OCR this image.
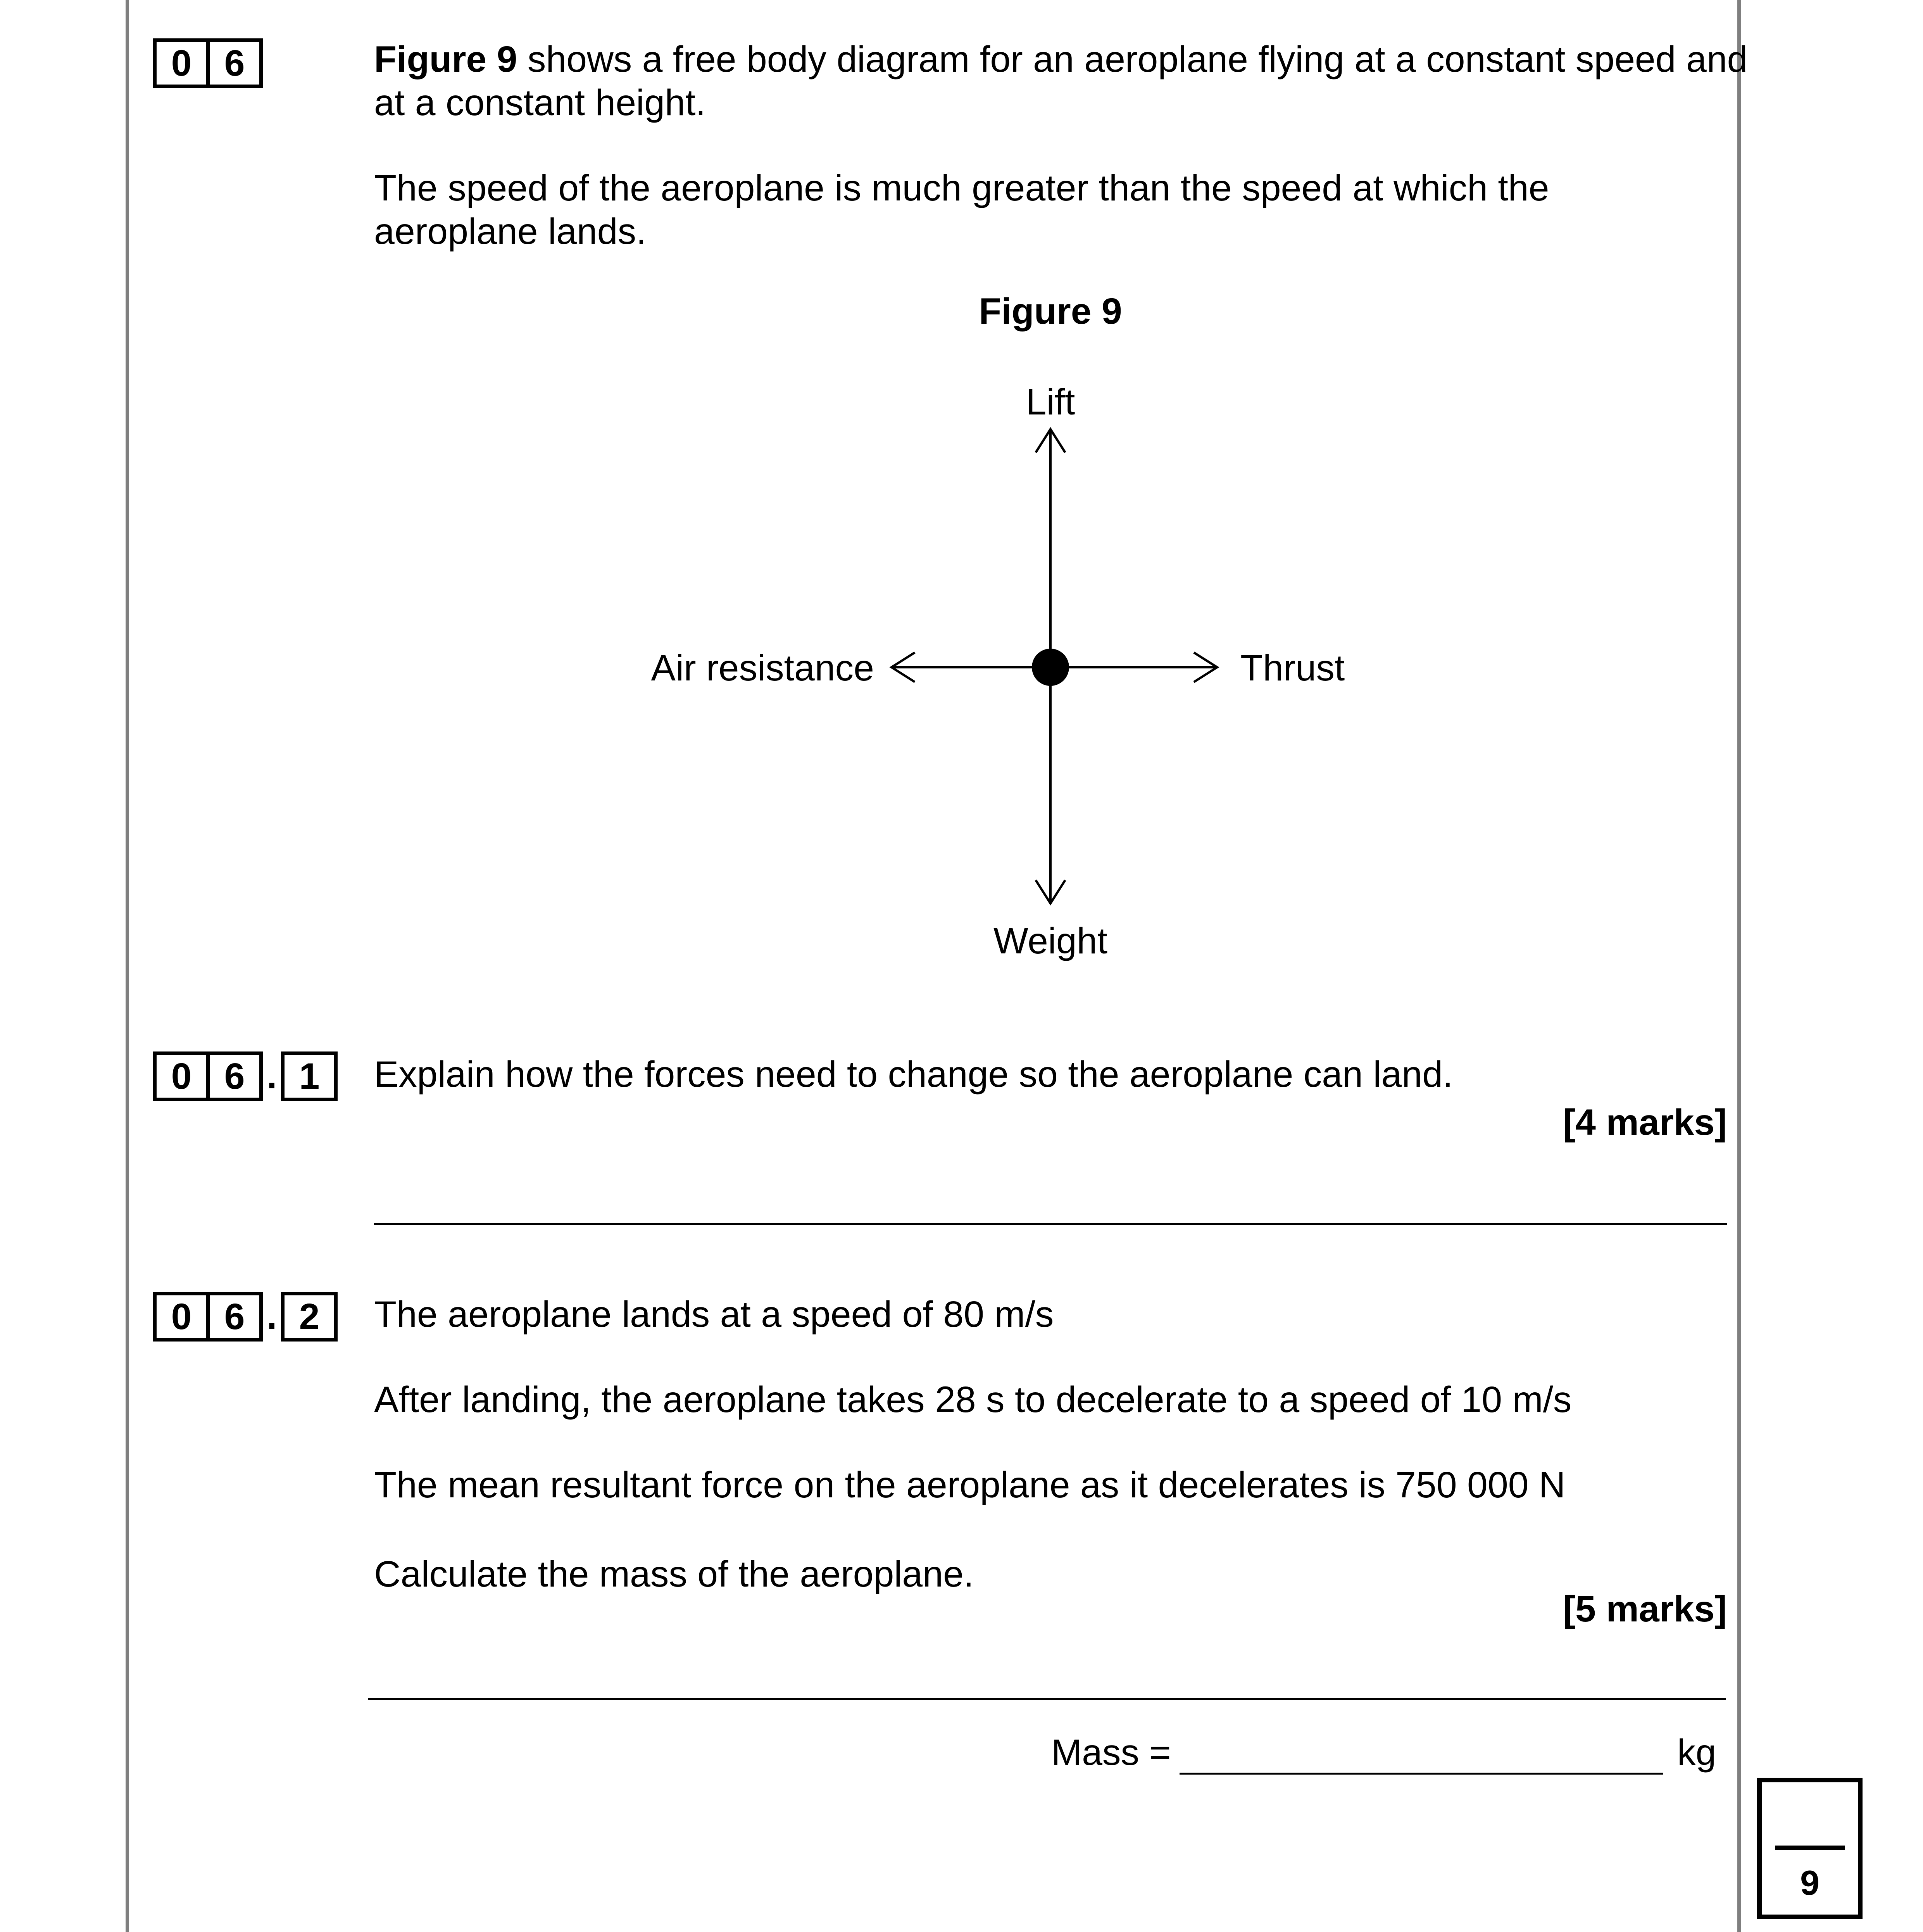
0 6	Figure 9 shows a free body diagram for an aeroplane flying at a constant speed and
at a constant height.
The speed of the aeroplane is much greater than the speed at which the
aeroplane lands.
Figure 9
Lift
Air resistance	Thrust
Weight
0 6 . 1	Explain how the forces need to change so the aeroplane can land.
[4 marks]
0 6 . 2	The aeroplane lands at a speed of 80 m/s
After landing, the aeroplane takes 28 s to decelerate to a speed of 10 m/s
The mean resultant force on the aeroplane as it decelerates is 750 000 N
Calculate the mass of the aeroplane.
[5 marks]
Mass =	kg
9
